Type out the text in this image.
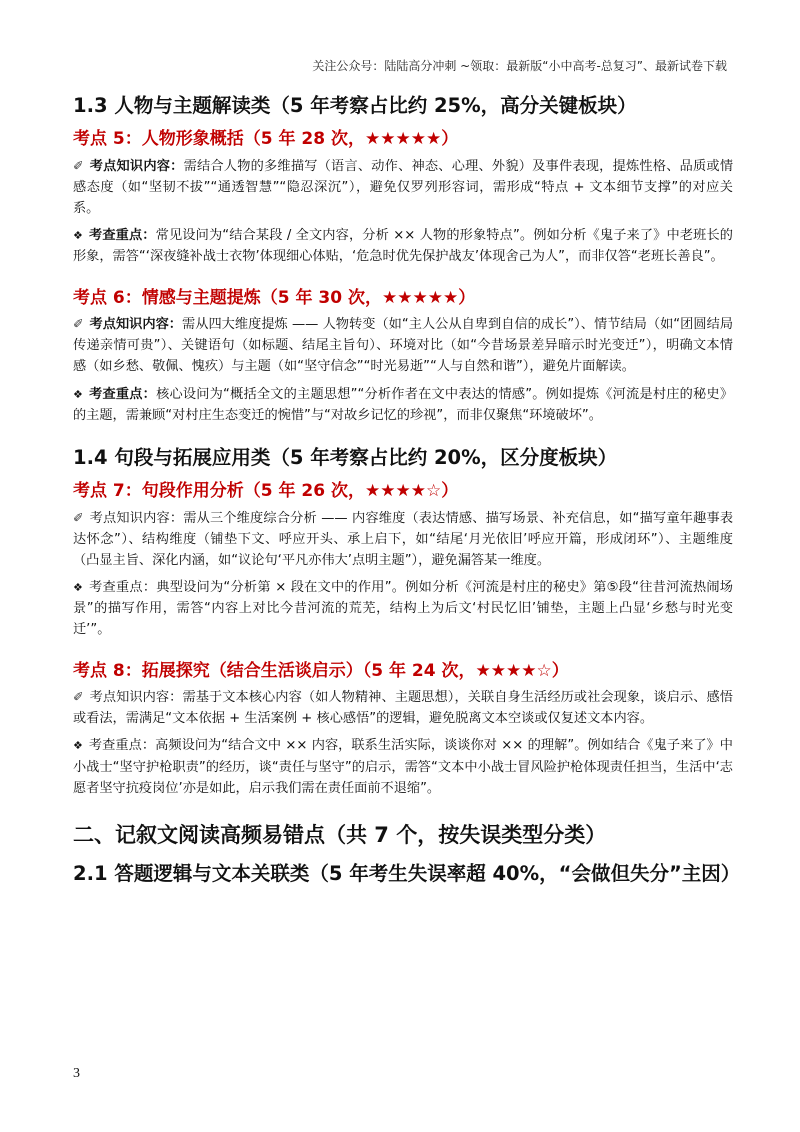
关注公众号：陆陆高分冲刺 ~领取：最新版“小中高考-总复习”、最新试卷下载
1.3 人物与主题解读类（5 年考察占比约 25%，高分关键板块）
考点 5：人物形象概括（5 年 28 次，★★★★★）

✐ 考点知识内容：需结合人物的多维描写（语言、动作、神态、心理、外貌）及事件表现，提炼性格、品质或情感态度（如“坚韧不拔”“通透智慧”“隐忍深沉”），避免仅罗列形容词，需形成“特点 + 文本细节支撑”的对应关系。

❖ 考查重点：常见设问为“结合某段 / 全文内容，分析 ×× 人物的形象特点”。例如分析《鬼子来了》中老班长的形象，需答“‘深夜缝补战士衣物’体现细心体贴，‘危急时优先保护战友’体现舍己为人”，而非仅答“老班长善良”。

考点 6：情感与主题提炼（5 年 30 次，★★★★★）

✐ 考点知识内容：需从四大维度提炼 —— 人物转变（如“主人公从自卑到自信的成长”）、情节结局（如“团圆结局传递亲情可贵”）、关键语句（如标题、结尾主旨句）、环境对比（如“今昔场景差异暗示时光变迁”），明确文本情感（如乡愁、敬佩、愧疚）与主题（如“坚守信念”“时光易逝”“人与自然和谐”），避免片面解读。

❖ 考查重点：核心设问为“概括全文的主题思想”“分析作者在文中表达的情感”。例如提炼《河流是村庄的秘史》的主题，需兼顾“对村庄生态变迁的惋惜”与“对故乡记忆的珍视”，而非仅聚焦“环境破坏”。

1.4 句段与拓展应用类（5 年考察占比约 20%，区分度板块）
考点 7：句段作用分析（5 年 26 次，★★★★☆）

✐ 考点知识内容：需从三个维度综合分析 —— 内容维度（表达情感、描写场景、补充信息，如“描写童年趣事表达怀念”）、结构维度（铺垫下文、呼应开头、承上启下，如“结尾‘月光依旧’呼应开篇，形成闭环”）、主题维度（凸显主旨、深化内涵，如“议论句‘平凡亦伟大’点明主题”），避免漏答某一维度。

❖ 考查重点：典型设问为“分析第 × 段在文中的作用”。例如分析《河流是村庄的秘史》第⑤段“往昔河流热闹场景”的描写作用，需答“内容上对比今昔河流的荒芜，结构上为后文‘村民忆旧’铺垫，主题上凸显‘乡愁与时光变迁’”。

考点 8：拓展探究（结合生活谈启示）（5 年 24 次，★★★★☆）

✐ 考点知识内容：需基于文本核心内容（如人物精神、主题思想），关联自身生活经历或社会现象，谈启示、感悟或看法，需满足“文本依据 + 生活案例 + 核心感悟”的逻辑，避免脱离文本空谈或仅复述文本内容。

❖ 考查重点：高频设问为“结合文中 ×× 内容，联系生活实际，谈谈你对 ×× 的理解”。例如结合《鬼子来了》中小战士“坚守护枪职责”的经历，谈“责任与坚守”的启示，需答“文本中小战士冒风险护枪体现责任担当，生活中‘志愿者坚守抗疫岗位’亦是如此，启示我们需在责任面前不退缩”。

二、记叙文阅读高频易错点（共 7 个，按失误类型分类）
2.1 答题逻辑与文本关联类（5 年考生失误率超 40%，“会做但失分”主因）
3
